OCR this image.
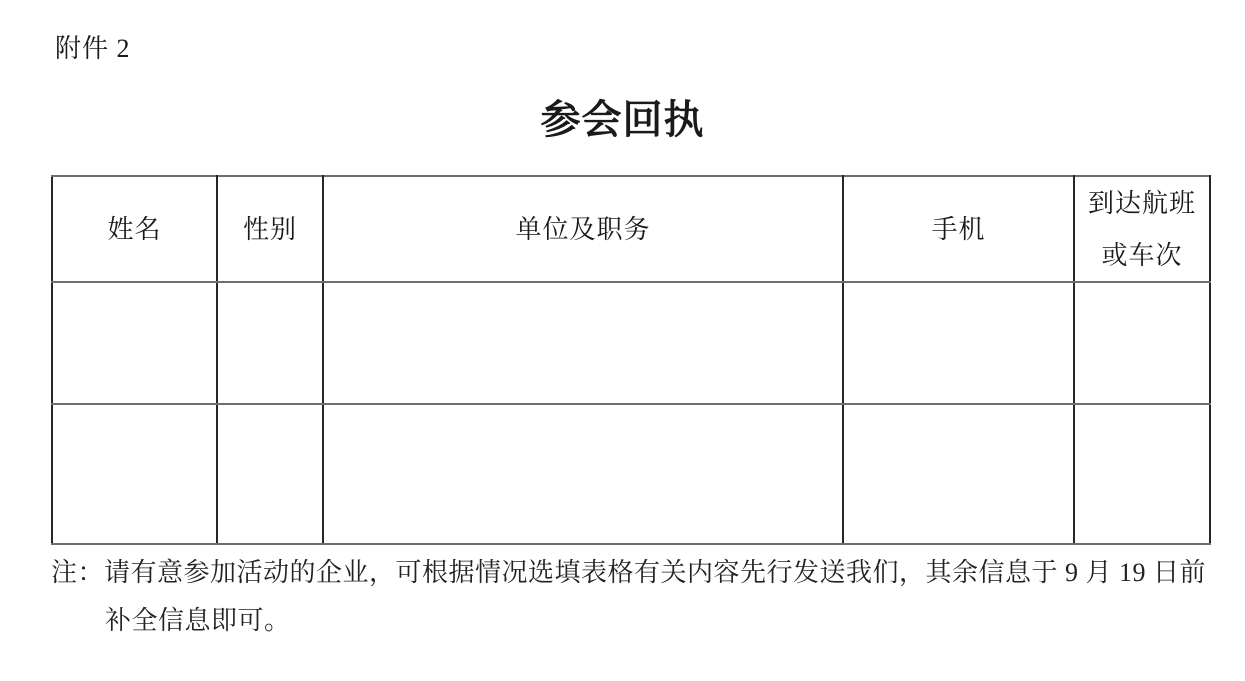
附件 2
参会回执
姓名	性别	单位及职务	手机	到达航班或车次

注：请有意参加活动的企业，可根据情况选填表格有关内容先行发送我们，其余信息于 9 月 19 日前
补全信息即可。
